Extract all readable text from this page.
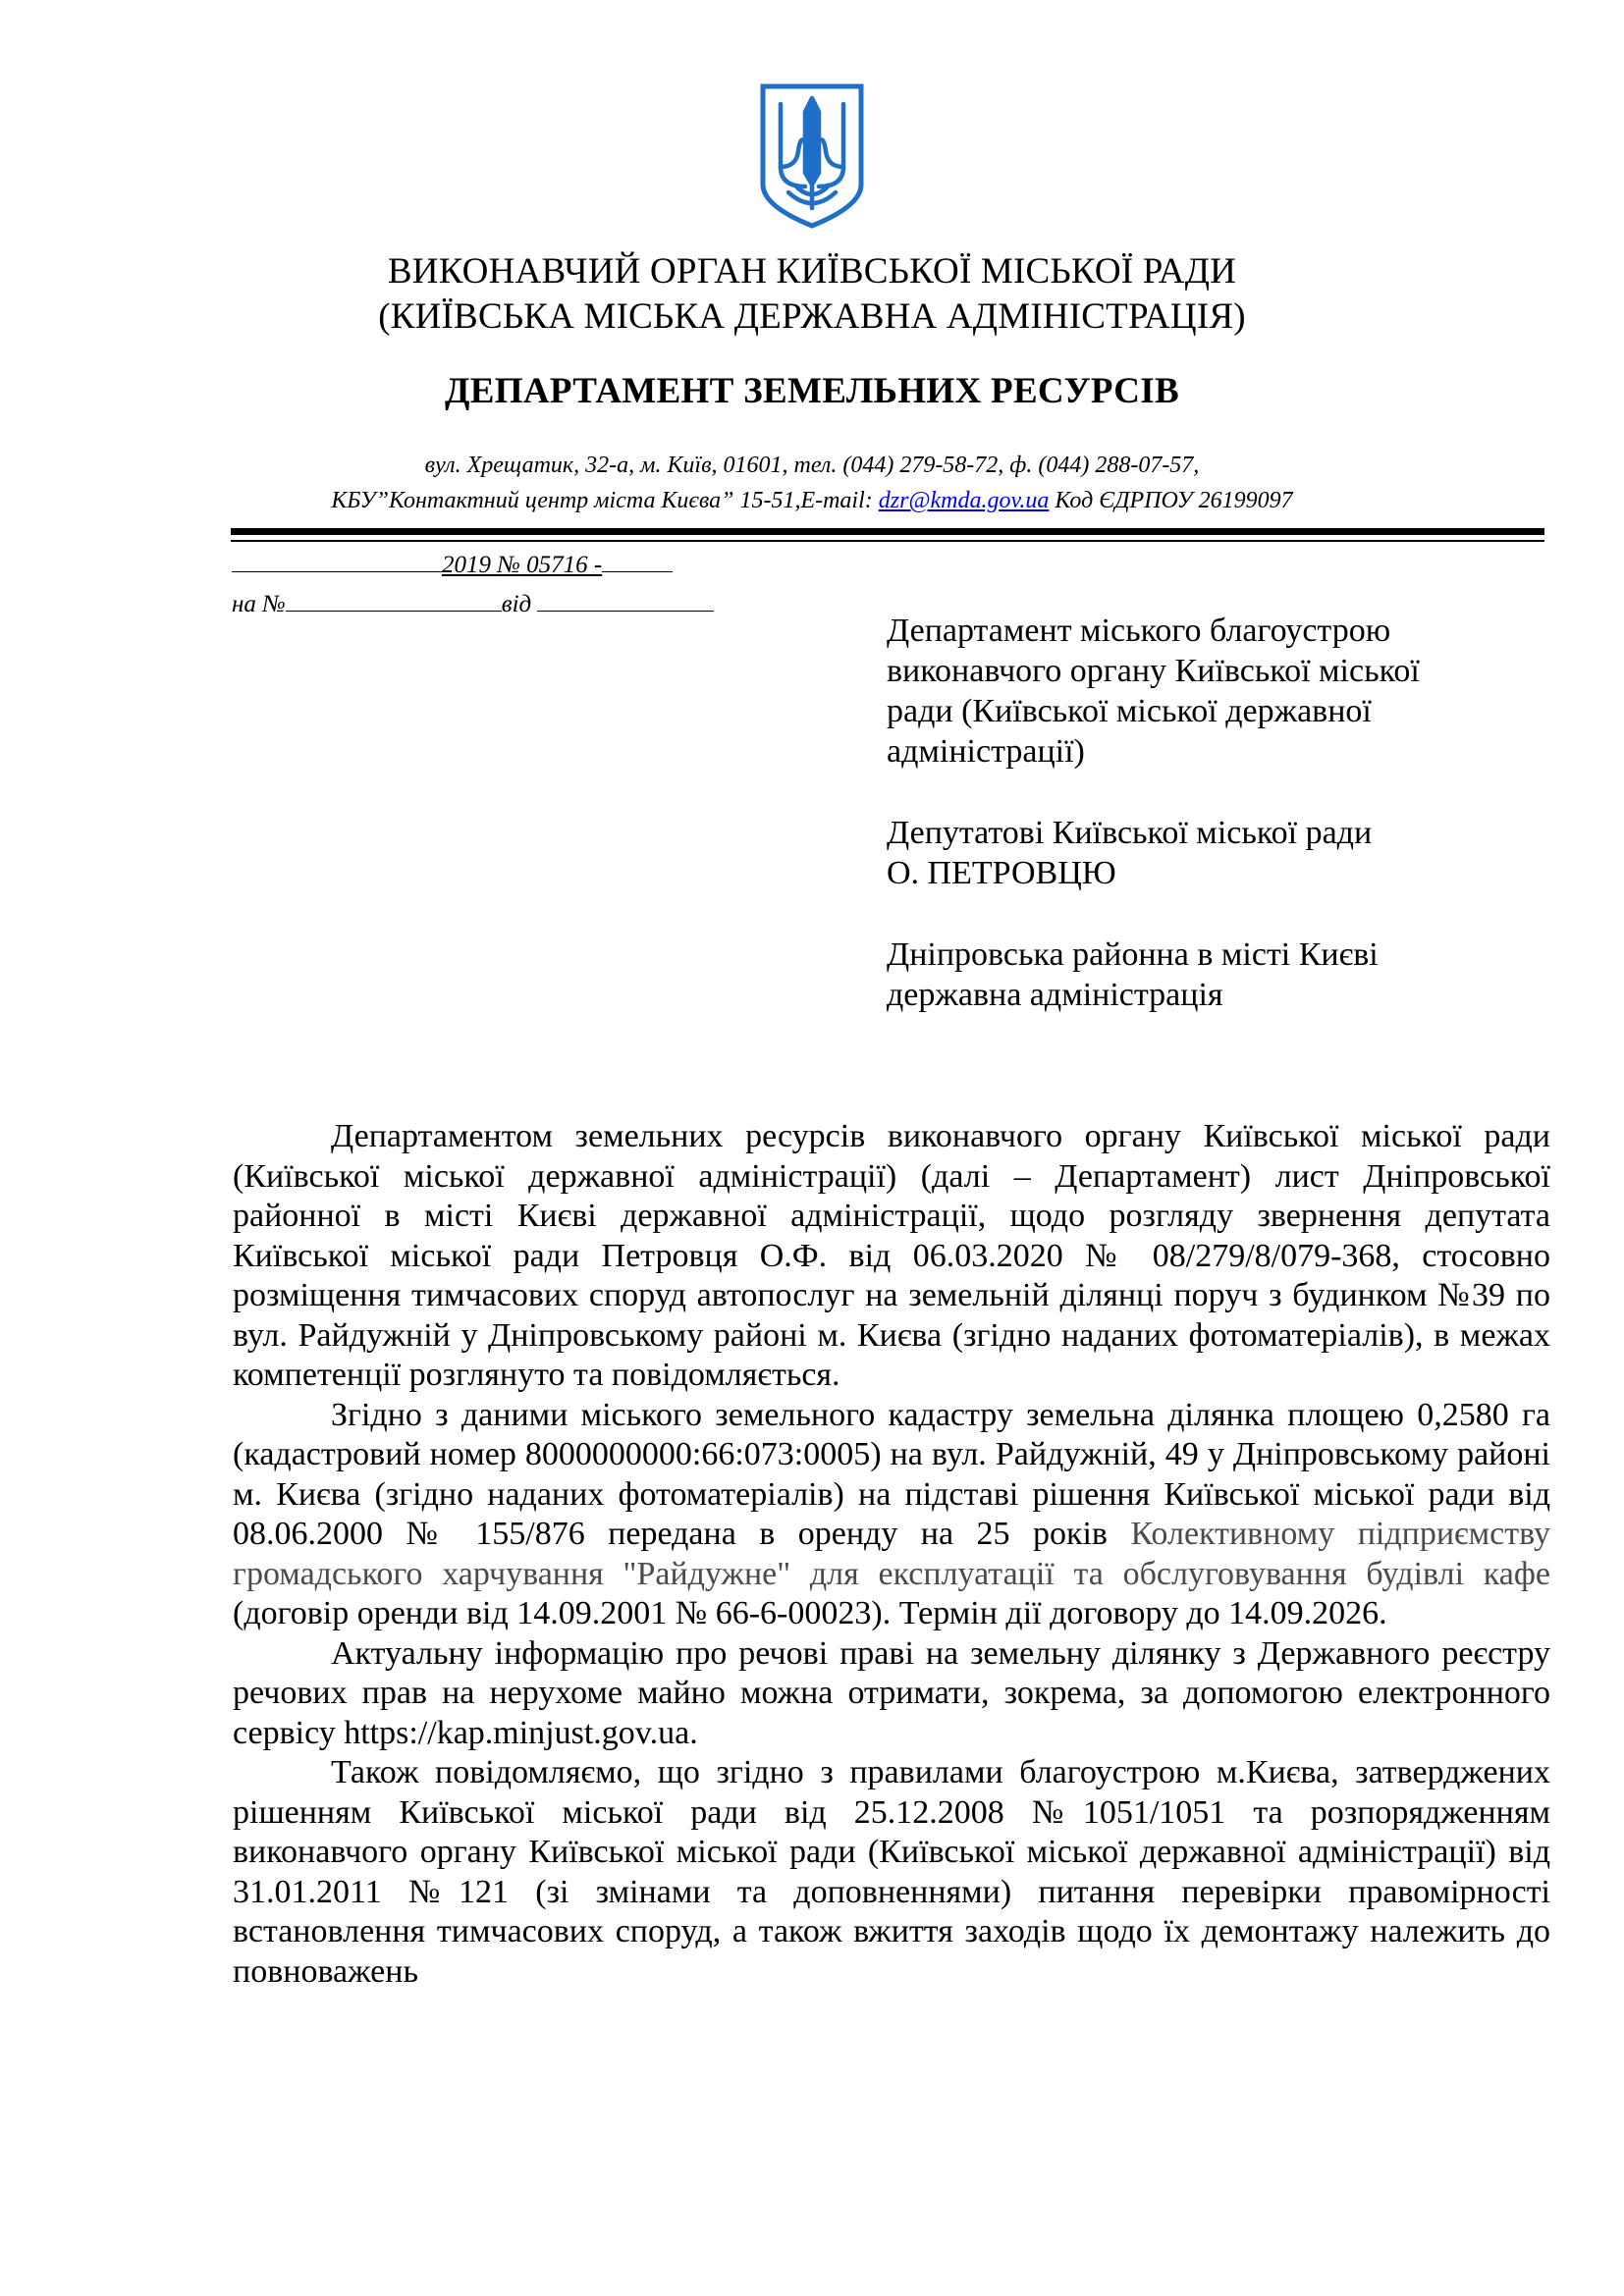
ВИКОНАВЧИЙ ОРГАН КИЇВСЬКОЇ МІСЬКОЇ РАДИ
(КИЇВСЬКА МІСЬКА ДЕРЖАВНА АДМІНІСТРАЦІЯ)
ДЕПАРТАМЕНТ ЗЕМЕЛЬНИХ РЕСУРСІВ
вул. Хрещатик, 32-а, м. Київ, 01601, тел. (044) 279-58-72, ф. (044) 288-07-57,
КБУ”Контактний центр міста Києва” 15-51,E-mail: dzr@kmda.gov.ua Код ЄДРПОУ 26199097
2019 № 05716 -
на №	від
Департамент міського благоустрою
виконавчого органу Київської міської
ради (Київської міської державної
адміністрації)
Депутатові Київської міської ради
О. ПЕТРОВЦЮ
Дніпровська районна в місті Києві
державна адміністрація

Департаментом земельних ресурсів виконавчого органу Київської міської ради (Київської міської державної адміністрації) (далі – Департамент) лист Дніпровської районної в місті Києві державної адміністрації, щодо розгляду звернення депутата Київської міської ради Петровця О.Ф. від 06.03.2020 № 08/279/8/079-368, стосовно розміщення тимчасових споруд автопослуг на земельній ділянці поруч з будинком №39 по вул. Райдужній у Дніпровському районі м. Києва (згідно наданих фотоматеріалів), в межах компетенції розглянуто та повідомляється.

Згідно з даними міського земельного кадастру земельна ділянка площею 0,2580 га (кадастровий номер 8000000000:66:073:0005) на вул. Райдужній, 49 у Дніпровському районі м. Києва (згідно наданих фотоматеріалів) на підставі рішення Київської міської ради від 08.06.2000 № 155/876 передана в оренду на 25 років Колективному підприємству громадського харчування "Райдужне" для експлуатації та обслуговування будівлі кафе (договір оренди від 14.09.2001 № 66-6-00023). Термін дії договору до 14.09.2026.

Актуальну інформацію про речові праві на земельну ділянку з Державного реєстру речових прав на нерухоме майно можна отримати, зокрема, за допомогою електронного сервісу https://kap.minjust.gov.ua.

Також повідомляємо, що згідно з правилами благоустрою м.Києва, затверджених рішенням Київської міської ради від 25.12.2008 №1051/1051 та розпорядженням виконавчого органу Київської міської ради (Київської міської державної адміністрації) від 31.01.2011 №121 (зі змінами та доповненнями) питання перевірки правомірності встановлення тимчасових споруд, а також вжиття заходів щодо їх демонтажу належить до повноважень
